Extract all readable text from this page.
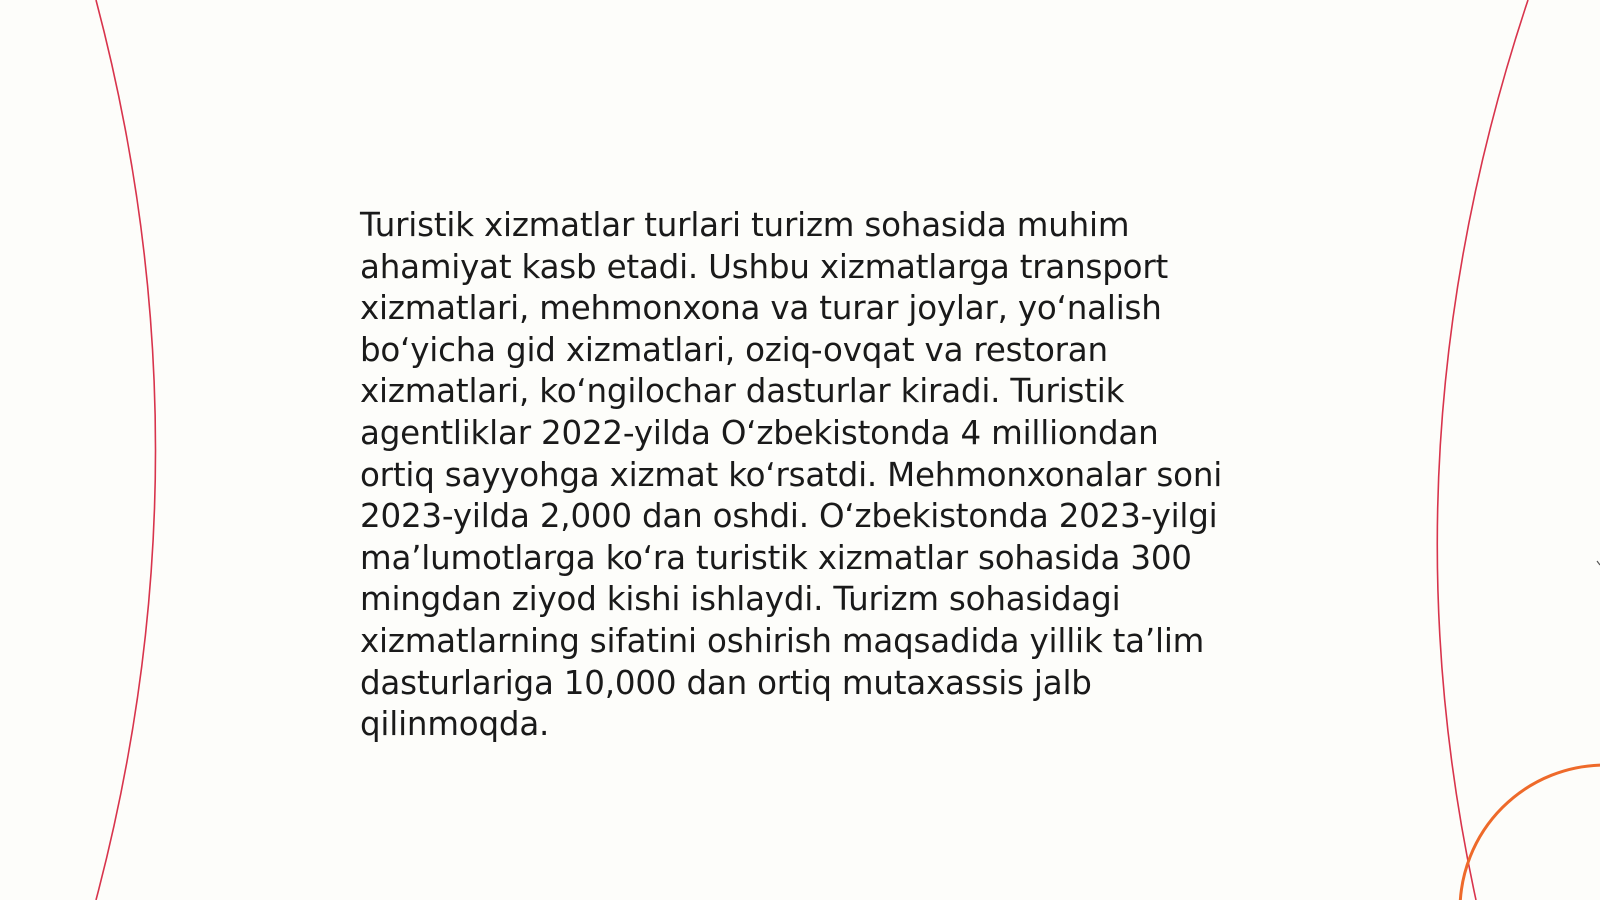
Turistik xizmatlar turlari turizm sohasida muhim
ahamiyat kasb etadi. Ushbu xizmatlarga transport
xizmatlari, mehmonxona va turar joylar, yo‘nalish
bo‘yicha gid xizmatlari, oziq-ovqat va restoran
xizmatlari, ko‘ngilochar dasturlar kiradi. Turistik
agentliklar 2022-yilda O‘zbekistonda 4 milliondan
ortiq sayyohga xizmat ko‘rsatdi. Mehmonxonalar soni
2023-yilda 2,000 dan oshdi. O‘zbekistonda 2023-yilgi
ma’lumotlarga ko‘ra turistik xizmatlar sohasida 300
mingdan ziyod kishi ishlaydi. Turizm sohasidagi
xizmatlarning sifatini oshirish maqsadida yillik ta’lim
dasturlariga 10,000 dan ortiq mutaxassis jalb
qilinmoqda.
